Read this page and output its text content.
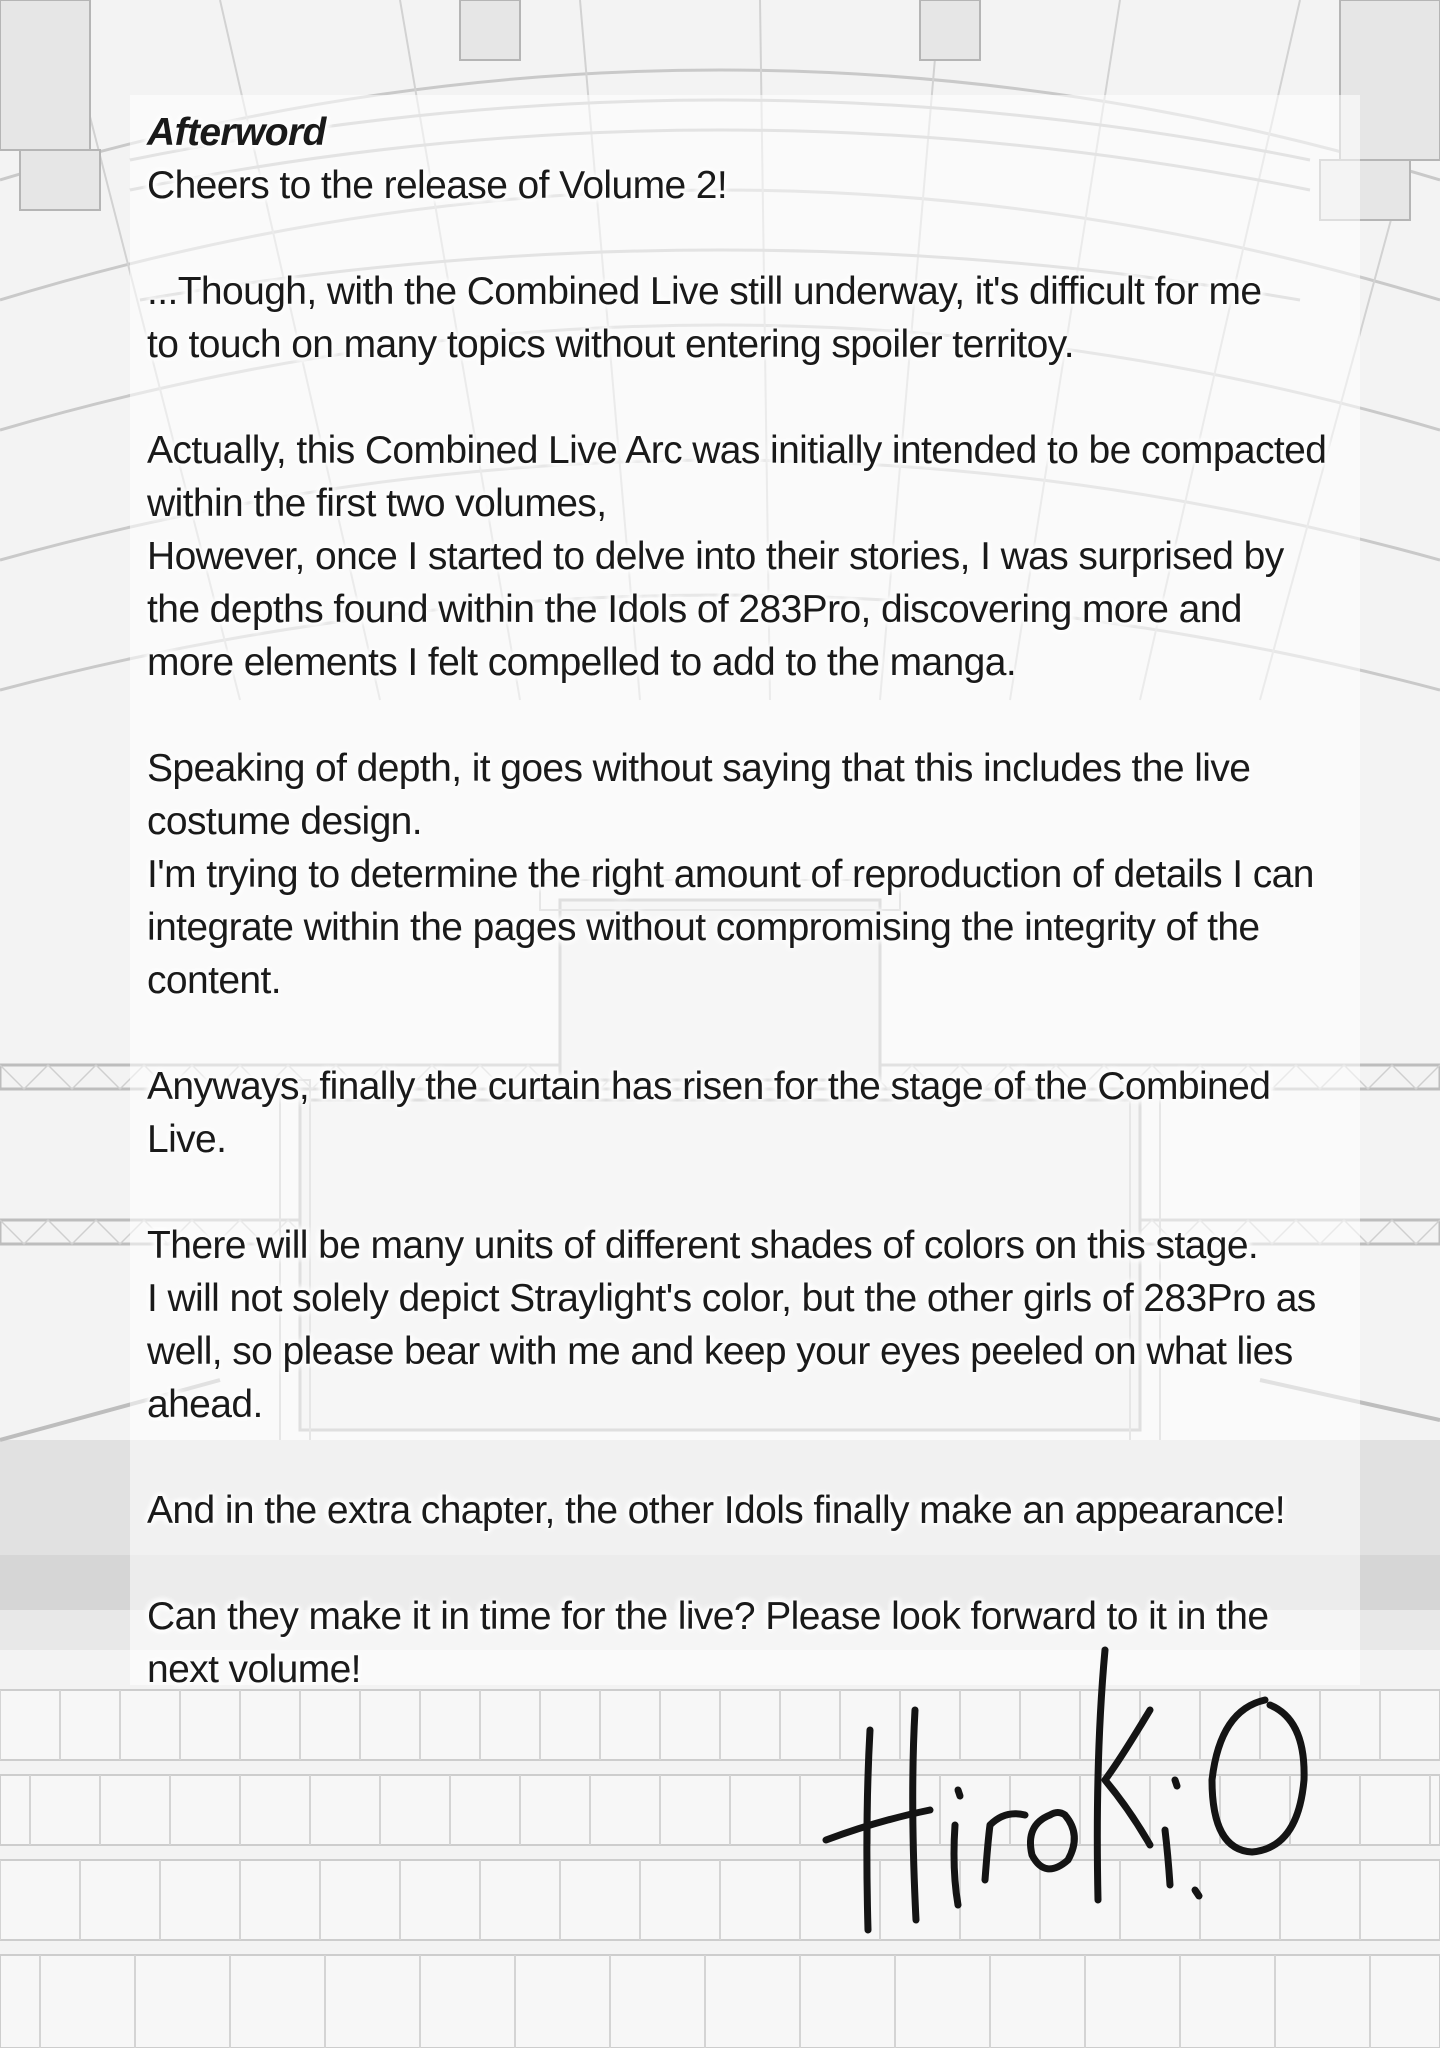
Afterword

Cheers to the release of Volume 2!

...Though, with the Combined Live still underway, it's difficult for me
to touch on many topics without entering spoiler territoy.

Actually, this Combined Live Arc was initially intended to be compacted
within the first two volumes,
However, once I started to delve into their stories, I was surprised by
the depths found within the Idols of 283Pro, discovering more and
more elements I felt compelled to add to the manga.

Speaking of depth, it goes without saying that this includes the live
costume design.
I'm trying to determine the right amount of reproduction of details I can
integrate within the pages without compromising the integrity of the
content.

Anyways, finally the curtain has risen for the stage of the Combined
Live.

There will be many units of different shades of colors on this stage.
I will not solely depict Straylight's color, but the other girls of 283Pro as
well, so please bear with me and keep your eyes peeled on what lies
ahead.

And in the extra chapter, the other Idols finally make an appearance!

Can they make it in time for the live? Please look forward to it in the
next volume!
